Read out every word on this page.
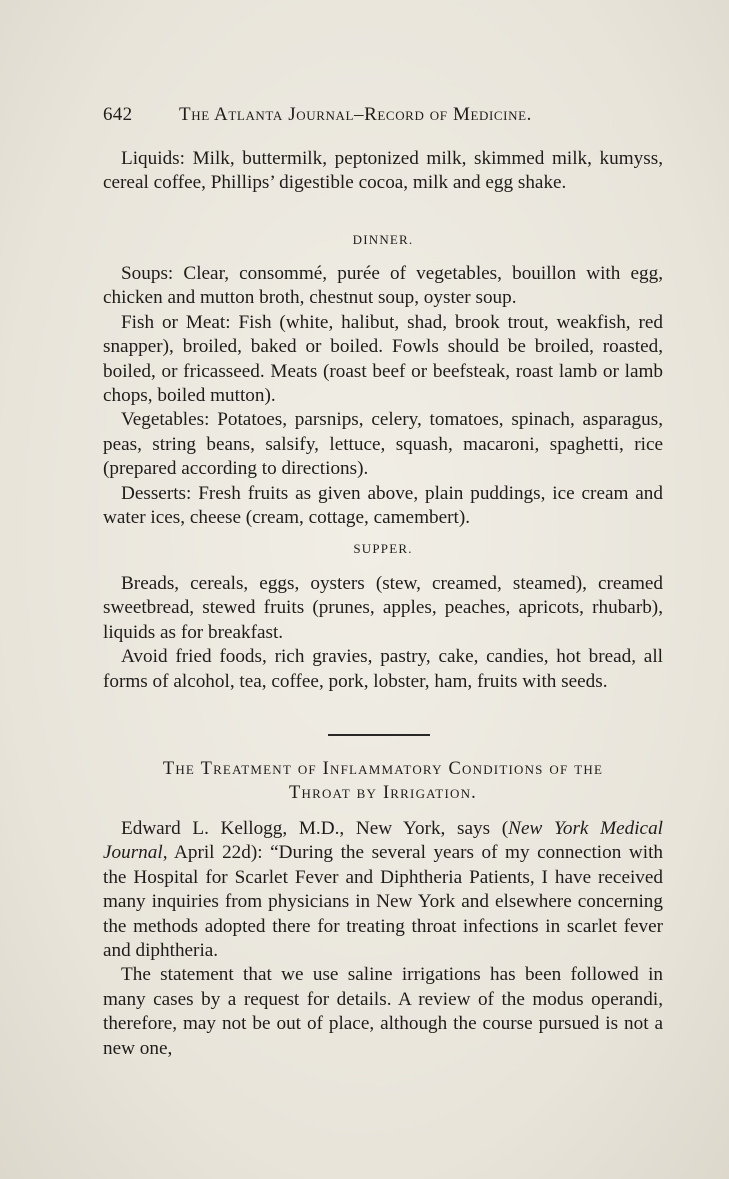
642 The Atlanta Journal–Record of Medicine.

Liquids: Milk, buttermilk, peptonized milk, skimmed milk, kumyss, cereal coffee, Phillips’ digestible cocoa, milk and egg shake.

DINNER.

Soups: Clear, consommé, purée of vegetables, bouillon with egg, chicken and mutton broth, chestnut soup, oyster soup.

Fish or Meat: Fish (white, halibut, shad, brook trout, weakfish, red snapper), broiled, baked or boiled. Fowls should be broiled, roasted, boiled, or fricasseed. Meats (roast beef or beefsteak, roast lamb or lamb chops, boiled mutton).

Vegetables: Potatoes, parsnips, celery, tomatoes, spinach, asparagus, peas, string beans, salsify, lettuce, squash, macaroni, spaghetti, rice (prepared according to directions).

Desserts: Fresh fruits as given above, plain puddings, ice cream and water ices, cheese (cream, cottage, camembert).

SUPPER.

Breads, cereals, eggs, oysters (stew, creamed, steamed), creamed sweetbread, stewed fruits (prunes, apples, peaches, apricots, rhubarb), liquids as for breakfast.

Avoid fried foods, rich gravies, pastry, cake, candies, hot bread, all forms of alcohol, tea, coffee, pork, lobster, ham, fruits with seeds.

The Treatment of Inflammatory Conditions of the
Throat by Irrigation.

Edward L. Kellogg, M.D., New York, says (New York Medical Journal, April 22d): “During the several years of my connection with the Hospital for Scarlet Fever and Diphtheria Patients, I have received many inquiries from physicians in New York and elsewhere concerning the methods adopted there for treating throat infections in scarlet fever and diphtheria.

The statement that we use saline irrigations has been followed in many cases by a request for details. A review of the modus operandi, therefore, may not be out of place, although the course pursued is not a new one,
